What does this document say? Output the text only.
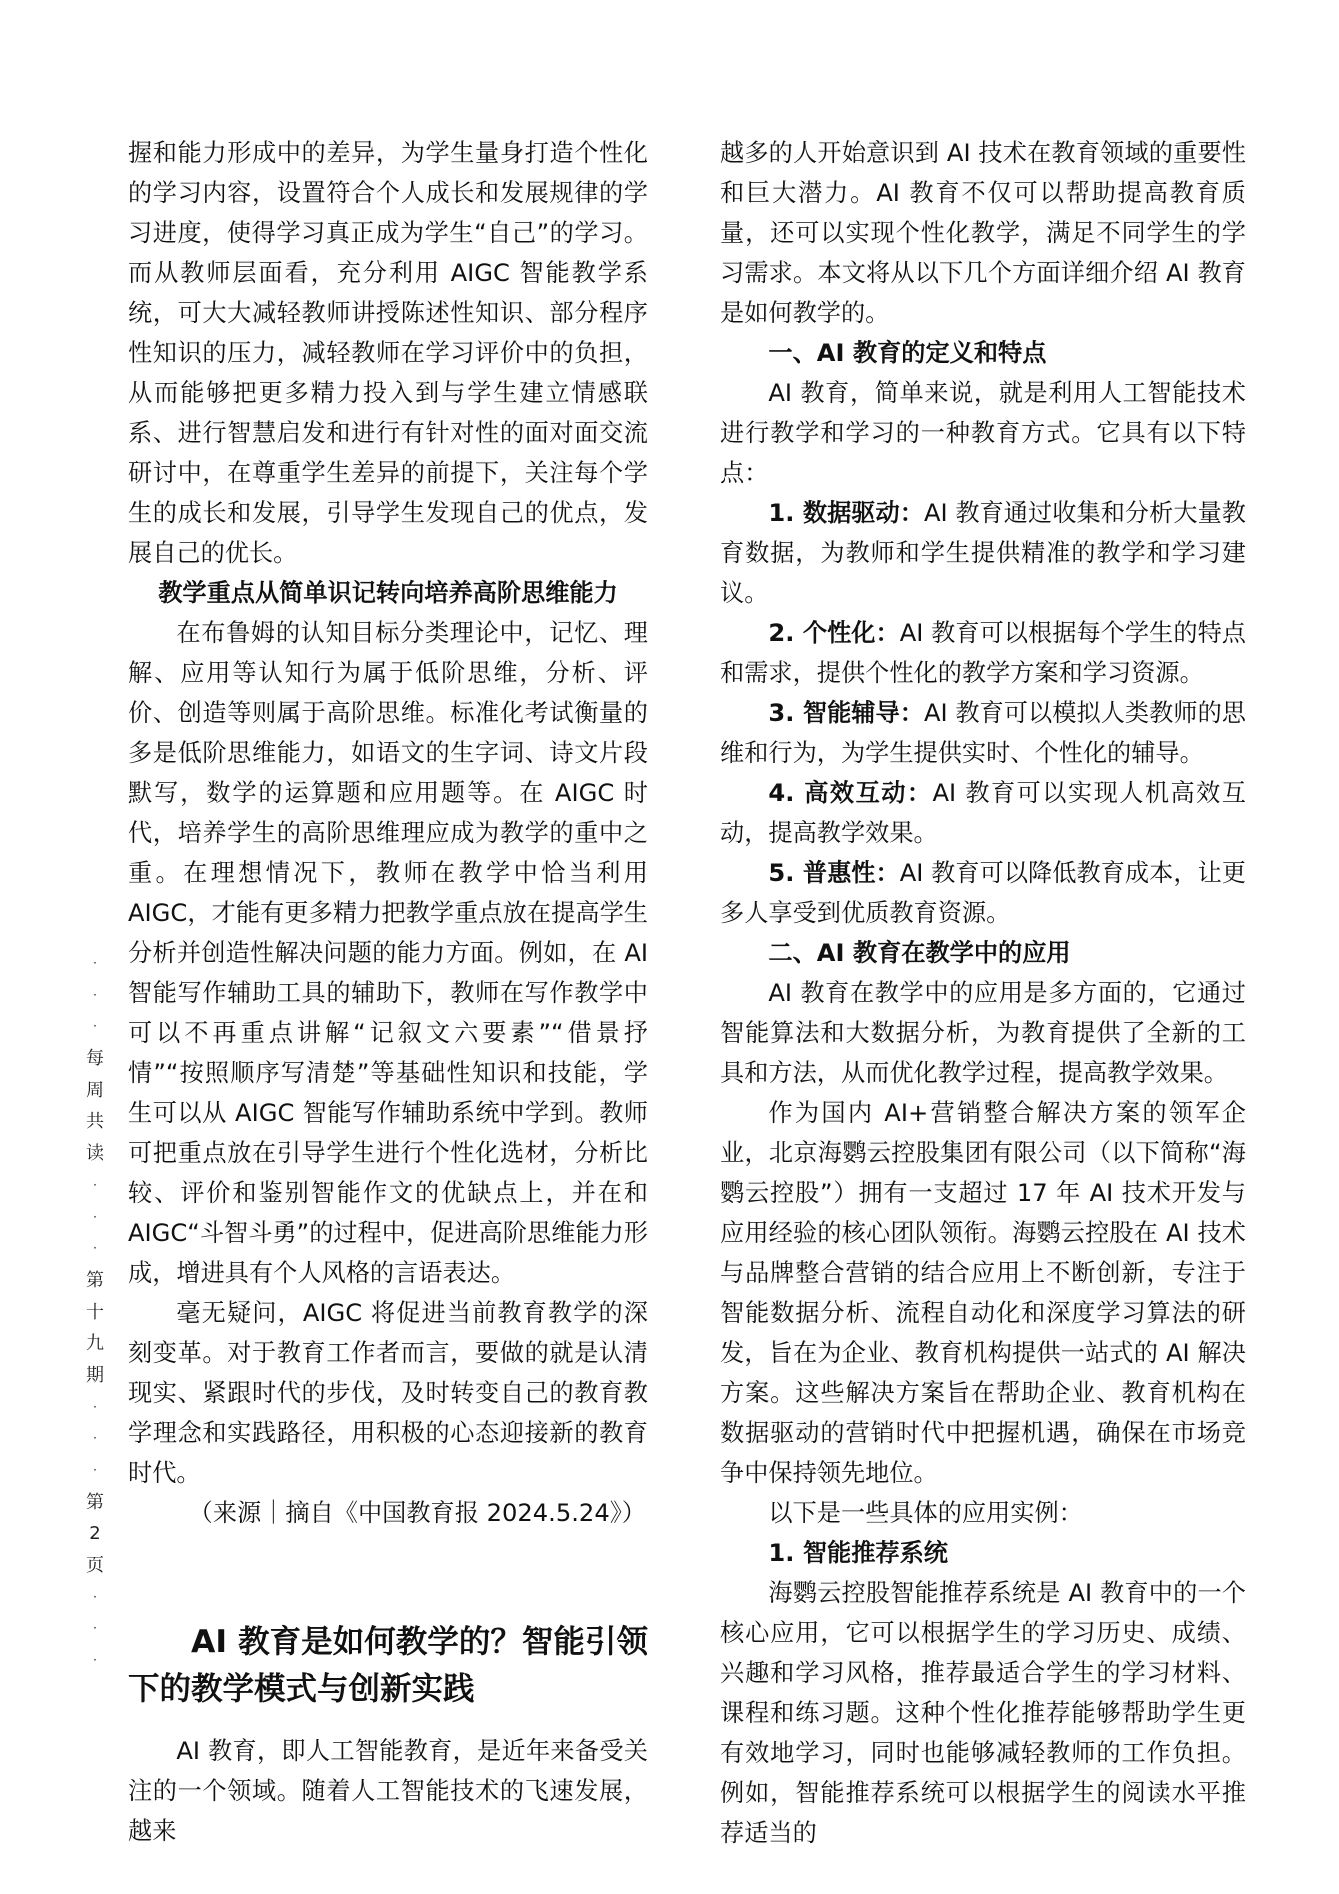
握和能力形成中的差异，为学生量身打造个性化的学习内容，设置符合个人成长和发展规律的学习进度，使得学习真正成为学生“自己”的学习。而从教师层面看，充分利用 AIGC 智能教学系统，可大大减轻教师讲授陈述性知识、部分程序性知识的压力，减轻教师在学习评价中的负担，从而能够把更多精力投入到与学生建立情感联系、进行智慧启发和进行有针对性的面对面交流研讨中，在尊重学生差异的前提下，关注每个学生的成长和发展，引导学生发现自己的优点，发展自己的优长。

教学重点从简单识记转向培养高阶思维能力

在布鲁姆的认知目标分类理论中，记忆、理解、应用等认知行为属于低阶思维，分析、评价、创造等则属于高阶思维。标准化考试衡量的多是低阶思维能力，如语文的生字词、诗文片段默写，数学的运算题和应用题等。在 AIGC 时代，培养学生的高阶思维理应成为教学的重中之重。在理想情况下，教师在教学中恰当利用 AIGC，才能有更多精力把教学重点放在提高学生分析并创造性解决问题的能力方面。例如，在 AI 智能写作辅助工具的辅助下，教师在写作教学中可以不再重点讲解“记叙文六要素”“借景抒情”“按照顺序写清楚”等基础性知识和技能，学生可以从 AIGC 智能写作辅助系统中学到。教师可把重点放在引导学生进行个性化选材，分析比较、评价和鉴别智能作文的优缺点上，并在和 AIGC“斗智斗勇”的过程中，促进高阶思维能力形成，增进具有个人风格的言语表达。

毫无疑问，AIGC 将促进当前教育教学的深刻变革。对于教育工作者而言，要做的就是认清现实、紧跟时代的步伐，及时转变自己的教育教学理念和实践路径，用积极的心态迎接新的教育时代。

（来源｜摘自《中国教育报 2024.5.24》）

AI 教育是如何教学的？智能引领下的教学模式与创新实践

AI 教育，即人工智能教育，是近年来备受关注的一个领域。随着人工智能技术的飞速发展，越来

越多的人开始意识到 AI 技术在教育领域的重要性和巨大潜力。AI 教育不仅可以帮助提高教育质量，还可以实现个性化教学，满足不同学生的学习需求。本文将从以下几个方面详细介绍 AI 教育是如何教学的。

一、AI 教育的定义和特点

AI 教育，简单来说，就是利用人工智能技术进行教学和学习的一种教育方式。它具有以下特点：

1. 数据驱动：AI 教育通过收集和分析大量教育数据，为教师和学生提供精准的教学和学习建议。

2. 个性化：AI 教育可以根据每个学生的特点和需求，提供个性化的教学方案和学习资源。

3. 智能辅导：AI 教育可以模拟人类教师的思维和行为，为学生提供实时、个性化的辅导。

4. 高效互动：AI 教育可以实现人机高效互动，提高教学效果。

5. 普惠性：AI 教育可以降低教育成本，让更多人享受到优质教育资源。

二、AI 教育在教学中的应用

AI 教育在教学中的应用是多方面的，它通过智能算法和大数据分析，为教育提供了全新的工具和方法，从而优化教学过程，提高教学效果。

作为国内 AI+营销整合解决方案的领军企业，北京海鹦云控股集团有限公司（以下简称“海鹦云控股”）拥有一支超过 17 年 AI 技术开发与应用经验的核心团队领衔。海鹦云控股在 AI 技术与品牌整合营销的结合应用上不断创新，专注于智能数据分析、流程自动化和深度学习算法的研发，旨在为企业、教育机构提供一站式的 AI 解决方案。这些解决方案旨在帮助企业、教育机构在数据驱动的营销时代中把握机遇，确保在市场竞争中保持领先地位。

以下是一些具体的应用实例：

1. 智能推荐系统

海鹦云控股智能推荐系统是 AI 教育中的一个核心应用，它可以根据学生的学习历史、成绩、兴趣和学习风格，推荐最适合学生的学习材料、课程和练习题。这种个性化推荐能够帮助学生更有效地学习，同时也能够减轻教师的工作负担。例如，智能推荐系统可以根据学生的阅读水平推荐适当的

·
·
·
每
周
共
读
·
·
·
第
十
九
期
·
·
·
第
2
页
·
·
·
